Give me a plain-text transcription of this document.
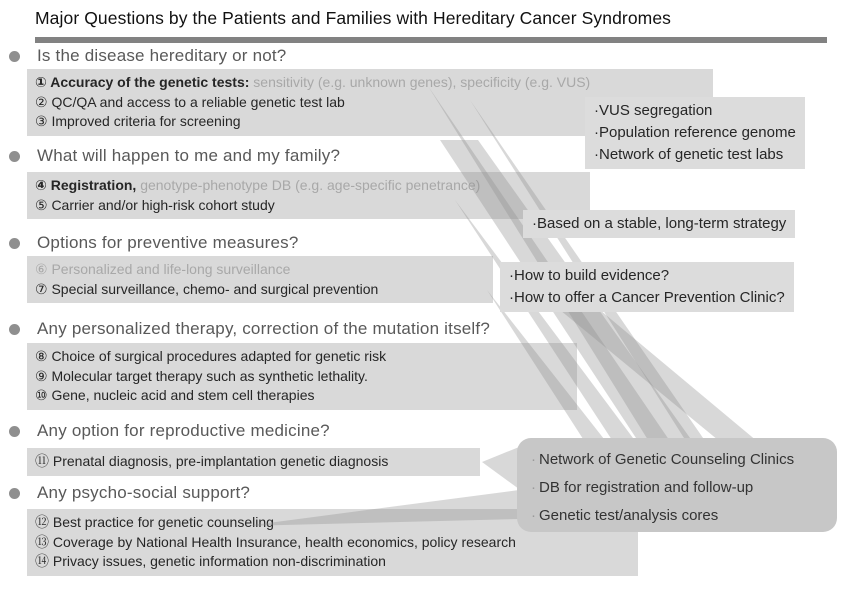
Major Questions by the Patients and Families with Hereditary Cancer Syndromes
Is the disease hereditary or not?
What will happen to me and my family?
Options for preventive measures?
Any personalized therapy, correction of the mutation itself?
Any option for reproductive medicine?
Any psycho-social support?
① Accuracy of the genetic tests: sensitivity (e.g. unknown genes), specificity (e.g. VUS)
② QC/QA and access to a reliable genetic test lab
③ Improved criteria for screening
④ Registration, genotype-phenotype DB (e.g. age-specific penetrance)
⑤ Carrier and/or high-risk cohort study
⑥ Personalized and life-long surveillance
⑦ Special surveillance, chemo- and surgical prevention
⑧ Choice of surgical procedures adapted for genetic risk
⑨ Molecular target therapy such as synthetic lethality.
⑩ Gene, nucleic acid and stem cell therapies
⑪ Prenatal diagnosis, pre-implantation genetic diagnosis
⑫ Best practice for genetic counseling
⑬ Coverage by National Health Insurance, health economics, policy research
⑭ Privacy issues, genetic information non-discrimination
·VUS segregation
·Population reference genome
·Network of genetic test labs
·Based on a stable, long-term strategy
·How to build evidence?
·How to offer a Cancer Prevention Clinic?
· Network of Genetic Counseling Clinics
· DB for registration and follow-up
· Genetic test/analysis cores
